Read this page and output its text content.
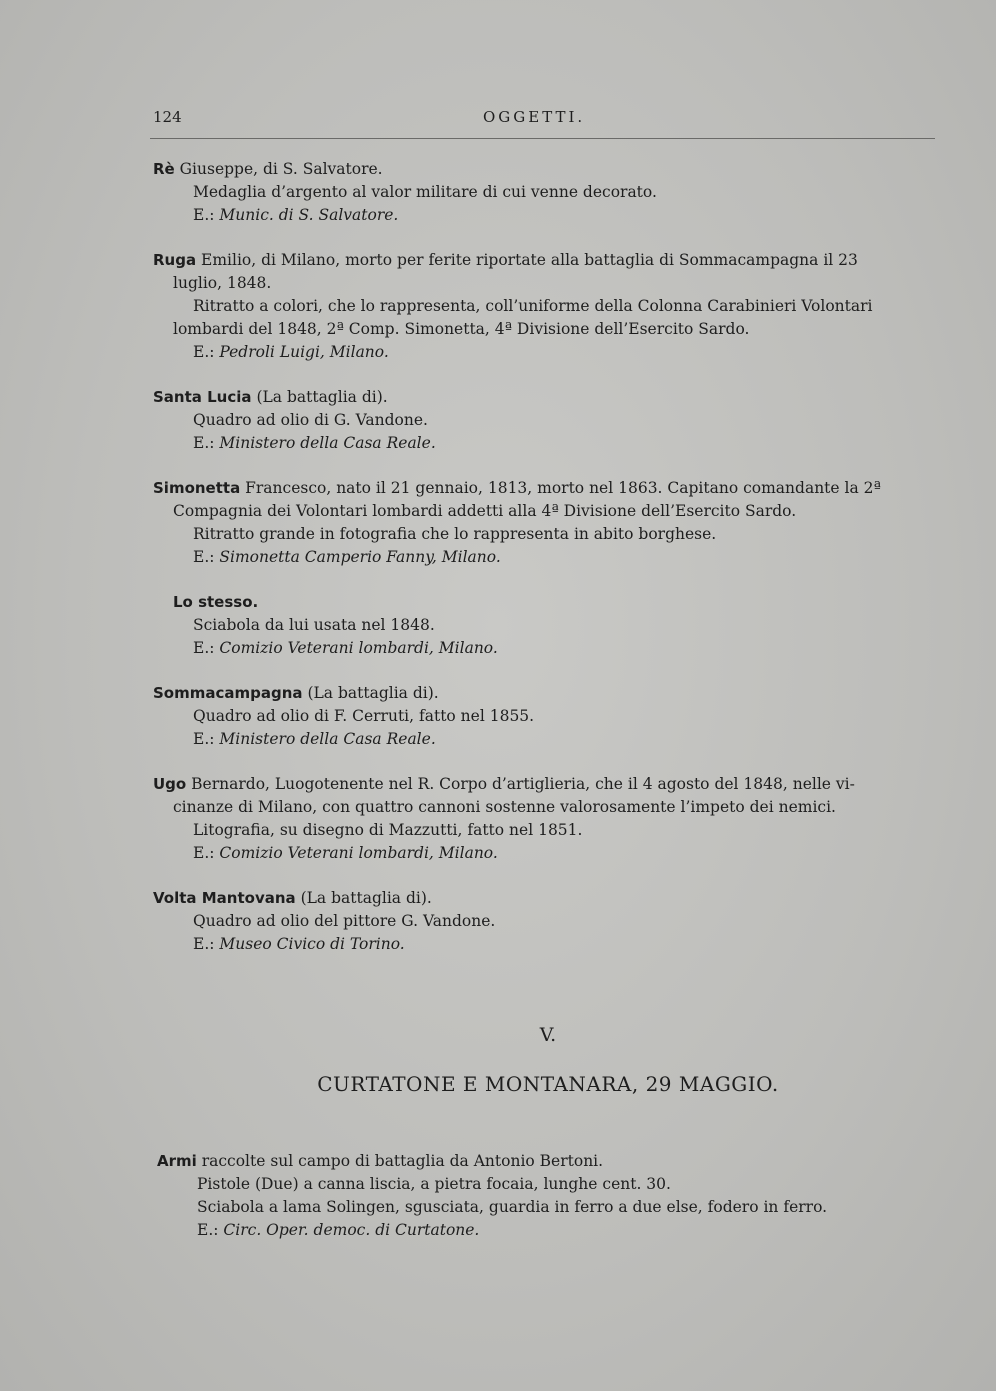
124	OGGETTI.
Rè Giuseppe, di S. Salvatore.
Medaglia d’argento al valor militare di cui venne decorato.
E.: Munic. di S. Salvatore.
Ruga Emilio, di Milano, morto per ferite riportate alla battaglia di Sommacampagna il 23
luglio, 1848.
Ritratto a colori, che lo rappresenta, coll’uniforme della Colonna Carabinieri Volontari
lombardi del 1848, 2ª Comp. Simonetta, 4ª Divisione dell’Esercito Sardo.
E.: Pedroli Luigi, Milano.
Santa Lucia (La battaglia di).
Quadro ad olio di G. Vandone.
E.: Ministero della Casa Reale.
Simonetta Francesco, nato il 21 gennaio, 1813, morto nel 1863. Capitano comandante la 2ª
Compagnia dei Volontari lombardi addetti alla 4ª Divisione dell’Esercito Sardo.
Ritratto grande in fotografia che lo rappresenta in abito borghese.
E.: Simonetta Camperio Fanny, Milano.
Lo stesso.
Sciabola da lui usata nel 1848.
E.: Comizio Veterani lombardi, Milano.
Sommacampagna (La battaglia di).
Quadro ad olio di F. Cerruti, fatto nel 1855.
E.: Ministero della Casa Reale.
Ugo Bernardo, Luogotenente nel R. Corpo d’artiglieria, che il 4 agosto del 1848, nelle vi-
cinanze di Milano, con quattro cannoni sostenne valorosamente l’impeto dei nemici.
Litografia, su disegno di Mazzutti, fatto nel 1851.
E.: Comizio Veterani lombardi, Milano.
Volta Mantovana (La battaglia di).
Quadro ad olio del pittore G. Vandone.
E.: Museo Civico di Torino.
V.
CURTATONE E MONTANARA, 29 MAGGIO.
Armi raccolte sul campo di battaglia da Antonio Bertoni.
Pistole (Due) a canna liscia, a pietra focaia, lunghe cent. 30.
Sciabola a lama Solingen, sgusciata, guardia in ferro a due else, fodero in ferro.
E.: Circ. Oper. democ. di Curtatone.
